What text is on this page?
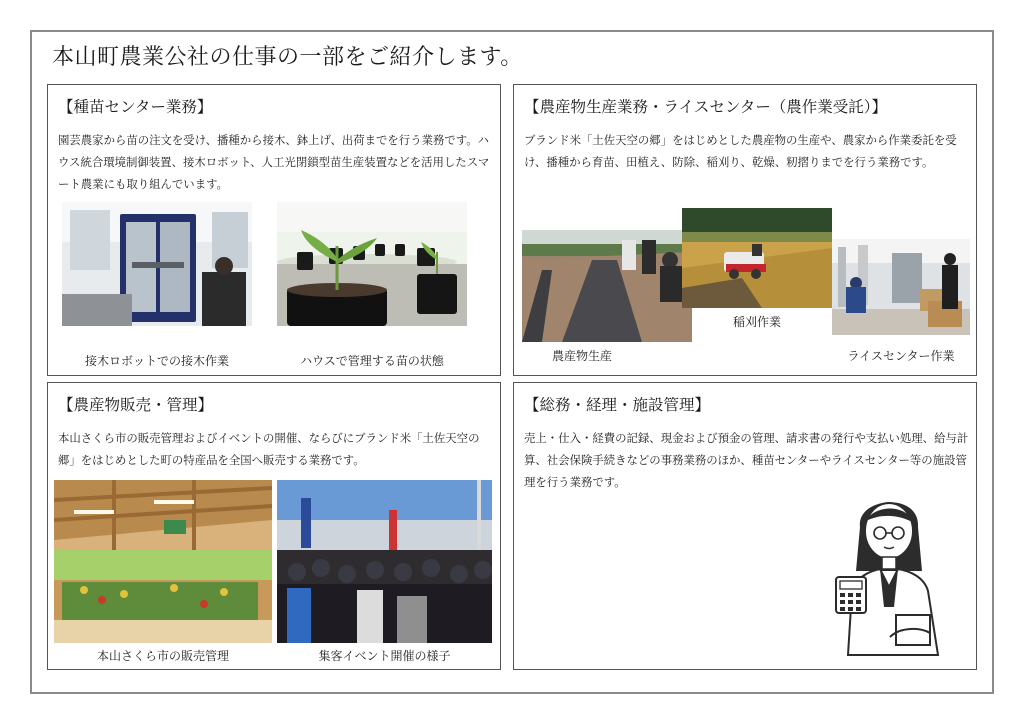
本山町農業公社の仕事の一部をご紹介します。
【種苗センター業務】
園芸農家から苗の注文を受け、播種から接木、鉢上げ、出荷までを行う業務です。ハウス統合環境制御装置、接木ロボット、人工光閉鎖型苗生産装置などを活用したスマート農業にも取り組んでいます。
接木ロボットでの接木作業	ハウスで管理する苗の状態
【農産物生産業務・ライスセンター（農作業受託）】
ブランド米「土佐天空の郷」をはじめとした農産物の生産や、農家から作業委託を受け、播種から育苗、田植え、防除、稲刈り、乾燥、籾摺りまでを行う業務です。
農産物生産
稲刈作業
ライスセンター作業
【農産物販売・管理】
本山さくら市の販売管理およびイベントの開催、ならびにブランド米「土佐天空の郷」をはじめとした町の特産品を全国へ販売する業務です。
本山さくら市の販売管理	集客イベント開催の様子
【総務・経理・施設管理】
売上・仕入・経費の記録、現金および預金の管理、請求書の発行や支払い処理、給与計算、社会保険手続きなどの事務業務のほか、種苗センターやライスセンター等の施設管理を行う業務です。
